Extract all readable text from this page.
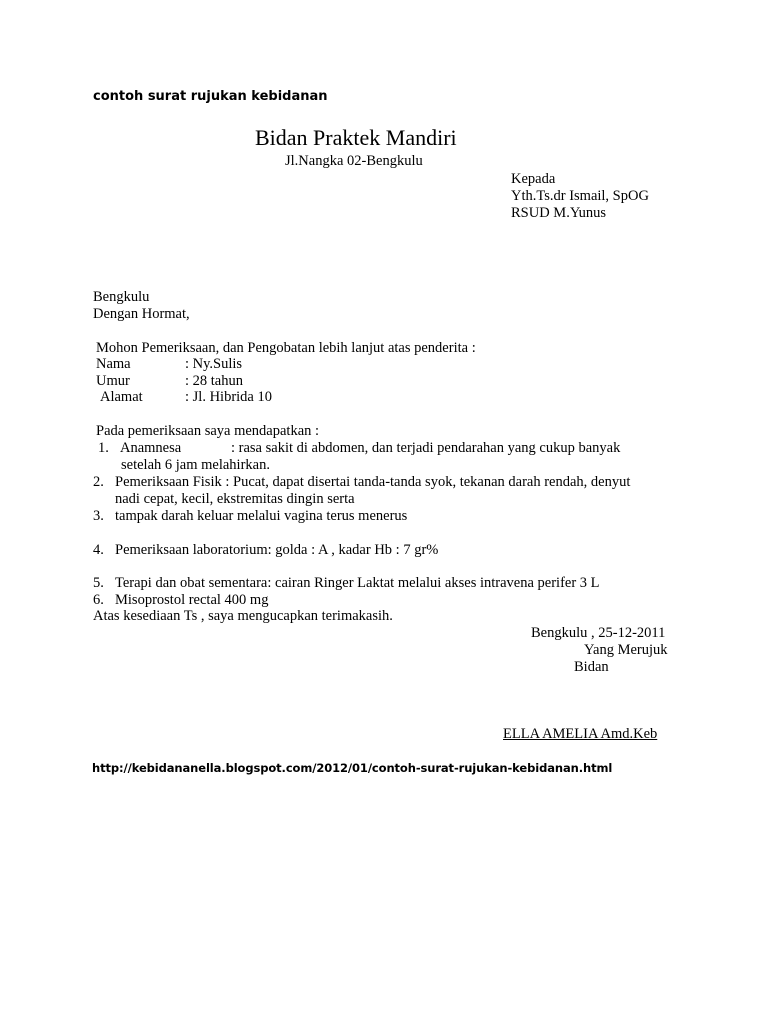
contoh surat rujukan kebidanan
Bidan Praktek Mandiri
Jl.Nangka 02-Bengkulu
Kepada
Yth.Ts.dr Ismail, SpOG
RSUD M.Yunus
Bengkulu
Dengan Hormat,
Mohon Pemeriksaan, dan Pengobatan lebih lanjut atas penderita :
Nama	: Ny.Sulis
Umur	: 28 tahun
Alamat	: Jl. Hibrida 10
Pada pemeriksaan saya mendapatkan :
1. Anamnesa	: rasa sakit di abdomen, dan terjadi pendarahan yang cukup banyak
setelah 6 jam melahirkan.
2. Pemeriksaan Fisik : Pucat, dapat disertai tanda-tanda syok, tekanan darah rendah, denyut
nadi cepat, kecil, ekstremitas dingin serta
3. tampak darah keluar melalui vagina terus menerus
4. Pemeriksaan laboratorium: golda : A , kadar Hb : 7 gr%
5. Terapi dan obat sementara: cairan Ringer Laktat melalui akses intravena perifer 3 L
6. Misoprostol rectal 400 mg
Atas kesediaan Ts , saya mengucapkan terimakasih.
Bengkulu , 25-12-2011
Yang Merujuk
Bidan
ELLA AMELIA Amd.Keb
http://kebidananella.blogspot.com/2012/01/contoh-surat-rujukan-kebidanan.html
